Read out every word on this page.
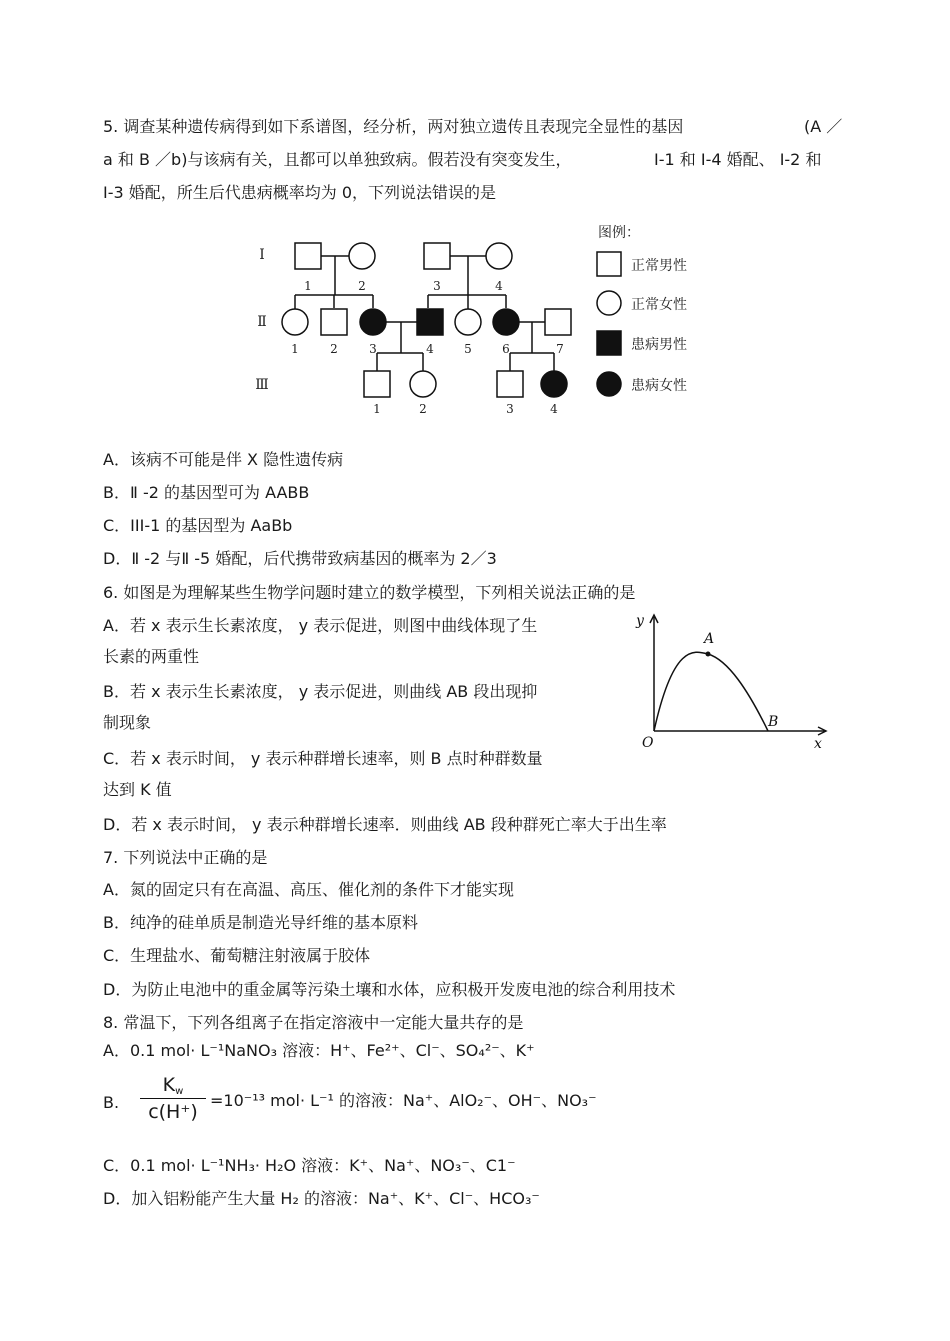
5. 调查某种遗传病得到如下系谱图，经分析，两对独立遗传且表现完全显性的基因	(A ／
a 和 B ／b)与该病有关，且都可以单独致病。假若没有突变发生，	I-1 和 I-4 婚配、 I-2 和
I-3 婚配，所生后代患病概率均为 0，下列说法错误的是
Ⅰ
Ⅱ
Ⅲ
1	2	3	4
1	2	3	4	5	6	7
1	2	3	4
图例：
正常男性
正常女性
患病男性
患病女性
A．该病不可能是伴 X 隐性遗传病
B．Ⅱ -2 的基因型可为 AABB
C．III-1 的基因型为 AaBb
D．Ⅱ -2 与Ⅱ -5 婚配，后代携带致病基因的概率为 2／3
6. 如图是为理解某些生物学问题时建立的数学模型，下列相关说法正确的是
A．若 x 表示生长素浓度， y 表示促进，则图中曲线体现了生
长素的两重性
B．若 x 表示生长素浓度， y 表示促进，则曲线 AB 段出现抑
制现象
C．若 x 表示时间， y 表示种群增长速率，则 B 点时种群数量
达到 K 值
D．若 x 表示时间， y 表示种群增长速率．则曲线 AB 段种群死亡率大于出生率
y
x
O
A
B
7. 下列说法中正确的是
A．氮的固定只有在高温、高压、催化剂的条件下才能实现
B．纯净的硅单质是制造光导纤维的基本原料
C．生理盐水、葡萄糖注射液属于胶体
D．为防止电池中的重金属等污染土壤和水体，应积极开发废电池的综合利用技术
8. 常温下，下列各组离子在指定溶液中一定能大量共存的是
A．0.1 mol· L⁻¹NaNO₃ 溶液：H⁺、Fe²⁺、Cl⁻、SO₄²⁻、K⁺
B.
$K_w$
c(H⁺)
=10⁻¹³ mol· L⁻¹ 的溶液：Na⁺、AlO₂⁻、OH⁻、NO₃⁻
C．0.1 mol· L⁻¹NH₃· H₂O 溶液：K⁺、Na⁺、NO₃⁻、C1⁻
D．加入铝粉能产生大量 H₂ 的溶液：Na⁺、K⁺、Cl⁻、HCO₃⁻
